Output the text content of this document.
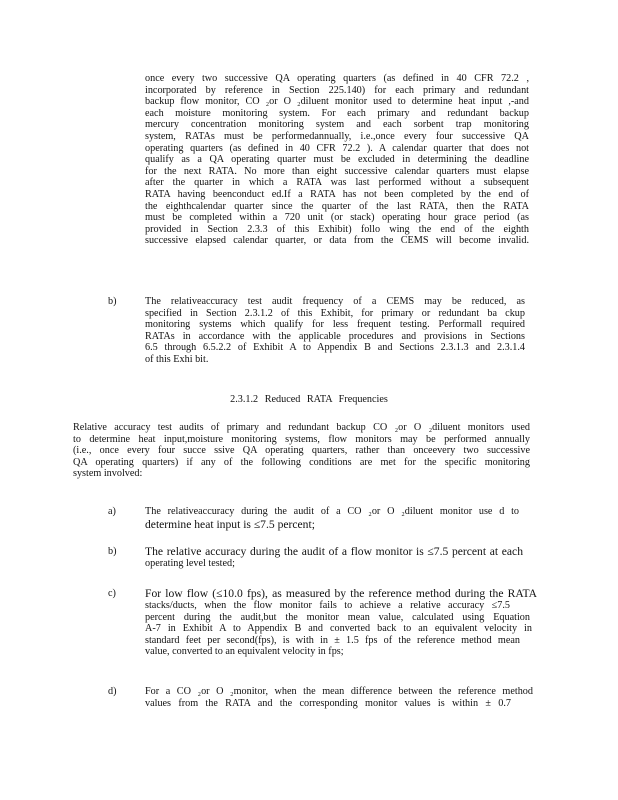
once every two successive QA operating quarters (as defined in 40 CFR 72.2 ,
incorporated by reference in Section 225.140) for each primary and redundant
backup flow monitor, CO ₂or O ₂diluent monitor used to determine heat input ,-and
each moisture monitoring system. For each primary and redundant backup
mercury concentration monitoring system and each sorbent trap monitoring
system, RATAs must be performedannually, i.e.,once every four successive QA
operating quarters (as defined in 40 CFR 72.2 ). A calendar quarter that does not
qualify as a QA operating quarter must be excluded in determining the deadline
for the next RATA. No more than eight successive calendar quarters must elapse
after the quarter in which a RATA was last performed without a subsequent
RATA having beenconduct ed.If a RATA has not been completed by the end of
the eighthcalendar quarter since the quarter of the last RATA, then the RATA
must be completed within a 720 unit (or stack) operating hour grace period (as
provided in Section 2.3.3 of this Exhibit) follo wing the end of the eighth
successive elapsed calendar quarter, or data from the CEMS will become invalid.
b)	The relativeaccuracy test audit frequency of a CEMS may be reduced, as
specified in Section 2.3.1.2 of this Exhibit, for primary or redundant ba ckup
monitoring systems which qualify for less frequent testing. Performall required
RATAs in accordance with the applicable procedures and provisions in Sections
6.5 through 6.5.2.2 of Exhibit A to Appendix B and Sections 2.3.1.3 and 2.3.1.4
of this Exhi bit.
2.3.1.2 Reduced RATA Frequencies
Relative accuracy test audits of primary and redundant backup CO ₂or O ₂diluent monitors used
to determine heat input,moisture monitoring systems, flow monitors may be performed annually
(i.e., once every four succe ssive QA operating quarters, rather than onceevery two successive
QA operating quarters) if any of the following conditions are met for the specific monitoring
system involved:
a)	The relativeaccuracy during the audit of a CO ₂or O ₂diluent monitor use d to
determine heat input is ≤7.5 percent;
b) The relative accuracy during the audit of a flow monitor is ≤7.5 percent at each
operating level tested;
c)	For low flow (≤10.0 fps), as measured by the reference method during the RATA
stacks/ducts, when the flow monitor fails to achieve a relative accuracy ≤7.5
percent during the audit,but the monitor mean value, calculated using Equation
A-7 in Exhibit A to Appendix B and converted back to an equivalent velocity in
standard feet per second(fps), is with in ± 1.5 fps of the reference method mean
value, converted to an equivalent velocity in fps;
d)	For a CO ₂or O ₂monitor, when the mean difference between the reference method
values from the RATA and the corresponding monitor values is within ± 0.7
